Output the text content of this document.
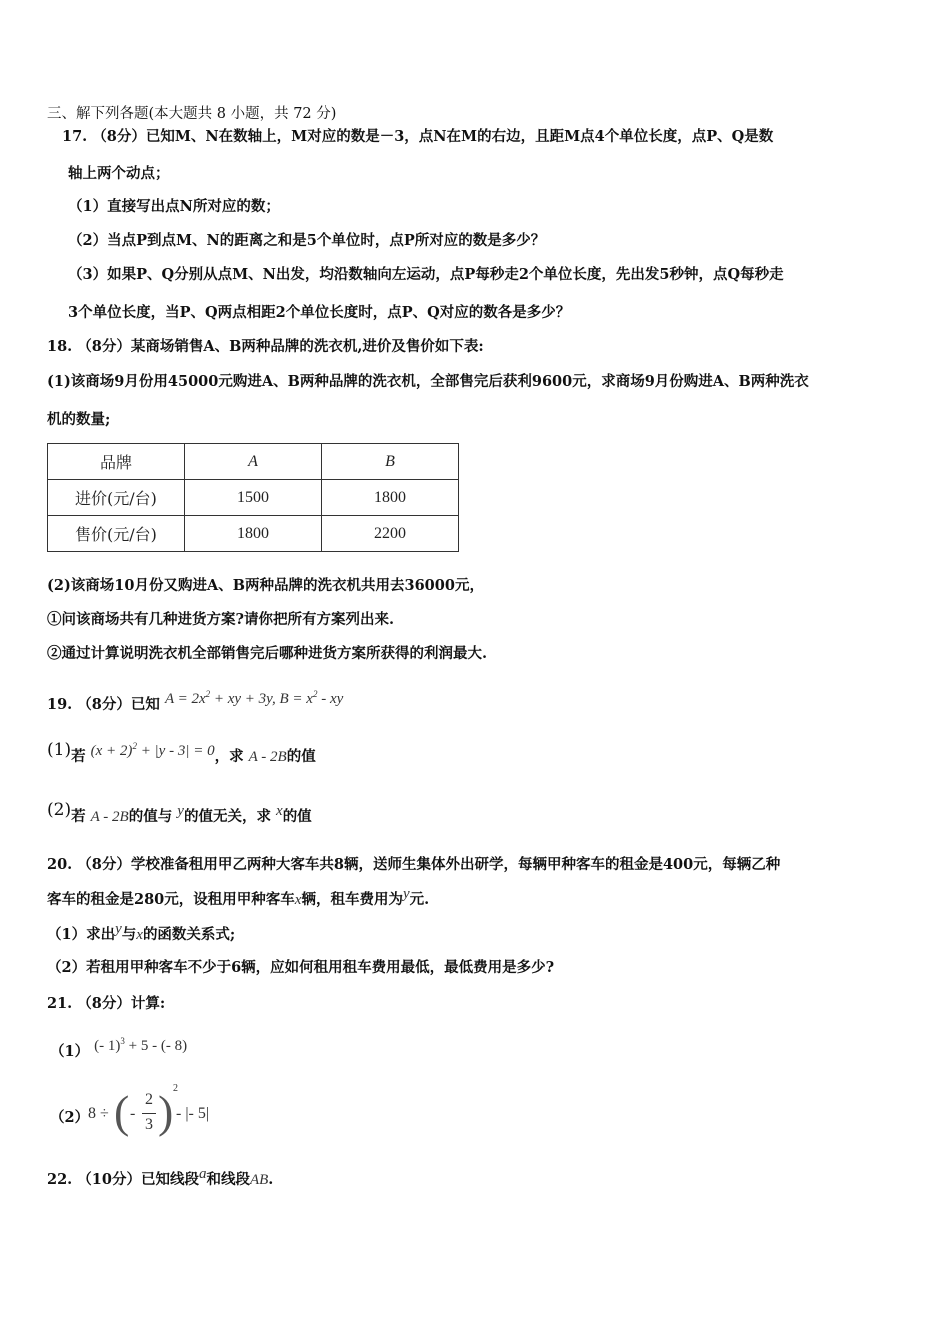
三、解下列各题(本大题共 8 小题，共 72 分)
17. （8分）已知M、N在数轴上，M对应的数是－3，点N在M的右边，且距M点4个单位长度，点P、Q是数
轴上两个动点；
（1）直接写出点N所对应的数；
（2）当点P到点M、N的距离之和是5个单位时，点P所对应的数是多少？
（3）如果P、Q分别从点M、N出发，均沿数轴向左运动，点P每秒走2个单位长度，先出发5秒钟，点Q每秒走
3个单位长度，当P、Q两点相距2个单位长度时，点P、Q对应的数各是多少？
18. （8分）某商场销售A、B两种品牌的洗衣机,进价及售价如下表:
(1)该商场9月份用45000元购进A、B两种品牌的洗衣机，全部售完后获利9600元，求商场9月份购进A、B两种洗衣
机的数量;
品牌	A	B
进价(元/台)	1500	1800
售价(元/台)	1800	2200
(2)该商场10月份又购进A、B两种品牌的洗衣机共用去36000元，
①问该商场共有几种进货方案?请你把所有方案列出来.
②通过计算说明洗衣机全部销售完后哪种进货方案所获得的利润最大.
19. （8分）已知 $A = 2x^2$ + xy + 3y, $B = x^2$ - xy
(1)若 $(x + 2)^2 + |y - 3| = 0$，求 A - 2B的值
(2)若 A - 2B的值与 y的值无关，求 x的值
20. （8分）学校准备租用甲乙两种大客车共8辆，送师生集体外出研学，每辆甲种客车的租金是400元，每辆乙种
客车的租金是280元，设租用甲种客车x辆，租车费用为y元.
（1）求出y与x的函数关系式;
（2）若租用甲种客车不少于6辆，应如何租用租车费用最低，最低费用是多少?
21. （8分）计算:
（1） (- 1)$^3$ + 5 - (- 8)
（2）
8 ÷ ( -
2
3 ) 2
- |- 5|
22. （10分）已知线段a和线段AB.
